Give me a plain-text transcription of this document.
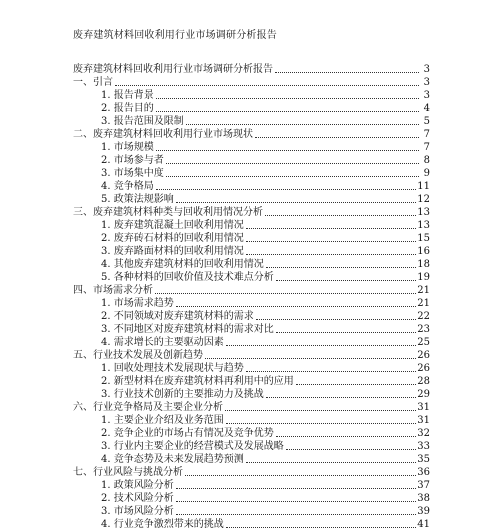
废弃建筑材料回收利用行业市场调研分析报告
废弃建筑材料回收利用行业市场调研分析报告	3
一、引言	3
1. 报告背景	3
2. 报告目的	4
3. 报告范围及限制	5
二、废弃建筑材料回收利用行业市场现状	7
1. 市场规模	7
2. 市场参与者	8
3. 市场集中度	9
4. 竞争格局	11
5. 政策法规影响	12
三、废弃建筑材料种类与回收利用情况分析	13
1. 废弃建筑混凝土回收利用情况	13
2. 废弃砖石材料的回收利用情况	15
3. 废弃路面材料的回收利用情况	16
4. 其他废弃建筑材料的回收利用情况	18
5. 各种材料的回收价值及技术难点分析	19
四、市场需求分析	21
1. 市场需求趋势	21
2. 不同领域对废弃建筑材料的需求	22
3. 不同地区对废弃建筑材料的需求对比	23
4. 需求增长的主要驱动因素	25
五、行业技术发展及创新趋势	26
1. 回收处理技术发展现状与趋势	26
2. 新型材料在废弃建筑材料再利用中的应用	28
3. 行业技术创新的主要推动力及挑战	29
六、行业竞争格局及主要企业分析	31
1. 主要企业介绍及业务范围	31
2. 竞争企业的市场占有情况及竞争优势	32
3. 行业内主要企业的经营模式及发展战略	33
4. 竞争态势及未来发展趋势预测	35
七、行业风险与挑战分析	36
1. 政策风险分析	37
2. 技术风险分析	38
3. 市场风险分析	39
4. 行业竞争激烈带来的挑战	41
